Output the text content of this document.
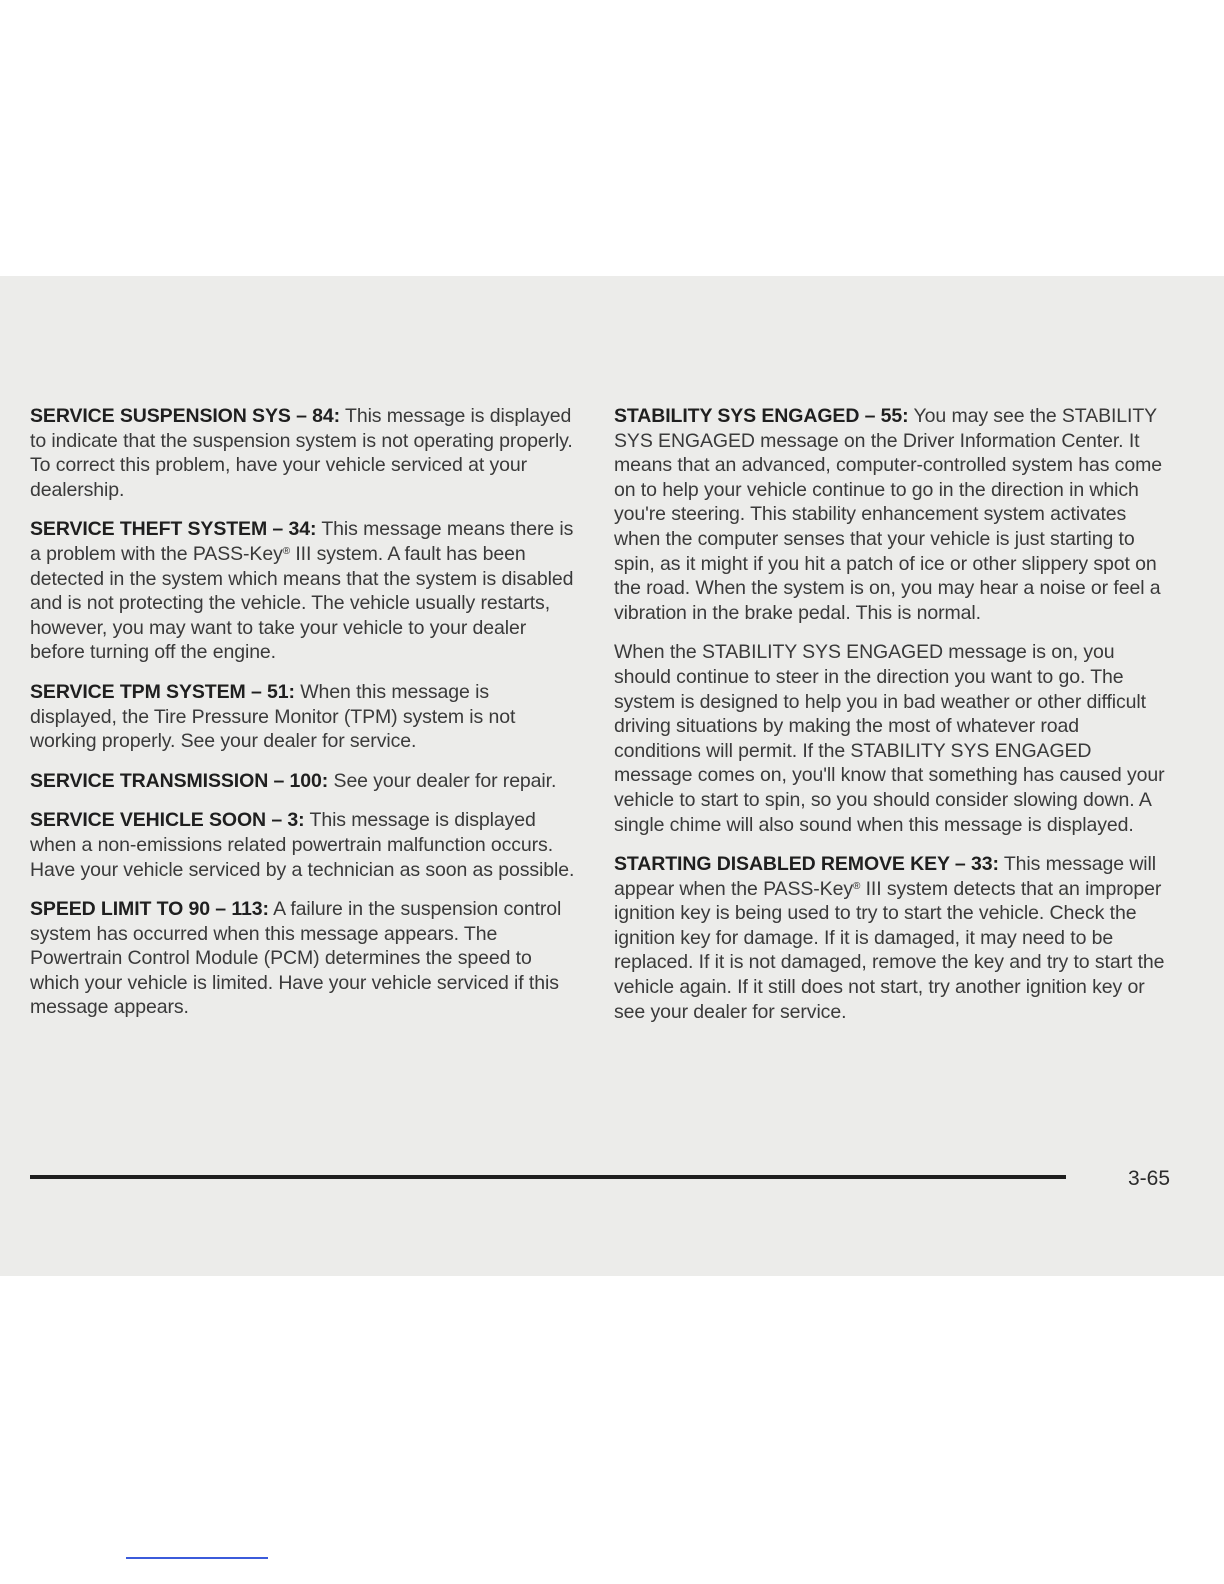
SERVICE SUSPENSION SYS – 84: This message is displayed to indicate that the suspension system is not operating properly. To correct this problem, have your vehicle serviced at your dealership.

SERVICE THEFT SYSTEM – 34: This message means there is a problem with the PASS-Key® III system. A fault has been detected in the system which means that the system is disabled and is not protecting the vehicle. The vehicle usually restarts, however, you may want to take your vehicle to your dealer before turning off the engine.

SERVICE TPM SYSTEM – 51: When this message is displayed, the Tire Pressure Monitor (TPM) system is not working properly. See your dealer for service.

SERVICE TRANSMISSION – 100: See your dealer for repair.

SERVICE VEHICLE SOON – 3: This message is displayed when a non-emissions related powertrain malfunction occurs. Have your vehicle serviced by a technician as soon as possible.

SPEED LIMIT TO 90 – 113: A failure in the suspension control system has occurred when this message appears. The Powertrain Control Module (PCM) determines the speed to which your vehicle is limited. Have your vehicle serviced if this message appears.

STABILITY SYS ENGAGED – 55: You may see the STABILITY SYS ENGAGED message on the Driver Information Center. It means that an advanced, computer-controlled system has come on to help your vehicle continue to go in the direction in which you're steering. This stability enhancement system activates when the computer senses that your vehicle is just starting to spin, as it might if you hit a patch of ice or other slippery spot on the road. When the system is on, you may hear a noise or feel a vibration in the brake pedal. This is normal.

When the STABILITY SYS ENGAGED message is on, you should continue to steer in the direction you want to go. The system is designed to help you in bad weather or other difficult driving situations by making the most of whatever road conditions will permit. If the STABILITY SYS ENGAGED message comes on, you'll know that something has caused your vehicle to start to spin, so you should consider slowing down. A single chime will also sound when this message is displayed.

STARTING DISABLED REMOVE KEY – 33: This message will appear when the PASS-Key® III system detects that an improper ignition key is being used to try to start the vehicle. Check the ignition key for damage. If it is damaged, it may need to be replaced. If it is not damaged, remove the key and try to start the vehicle again. If it still does not start, try another ignition key or see your dealer for service.

3-65
